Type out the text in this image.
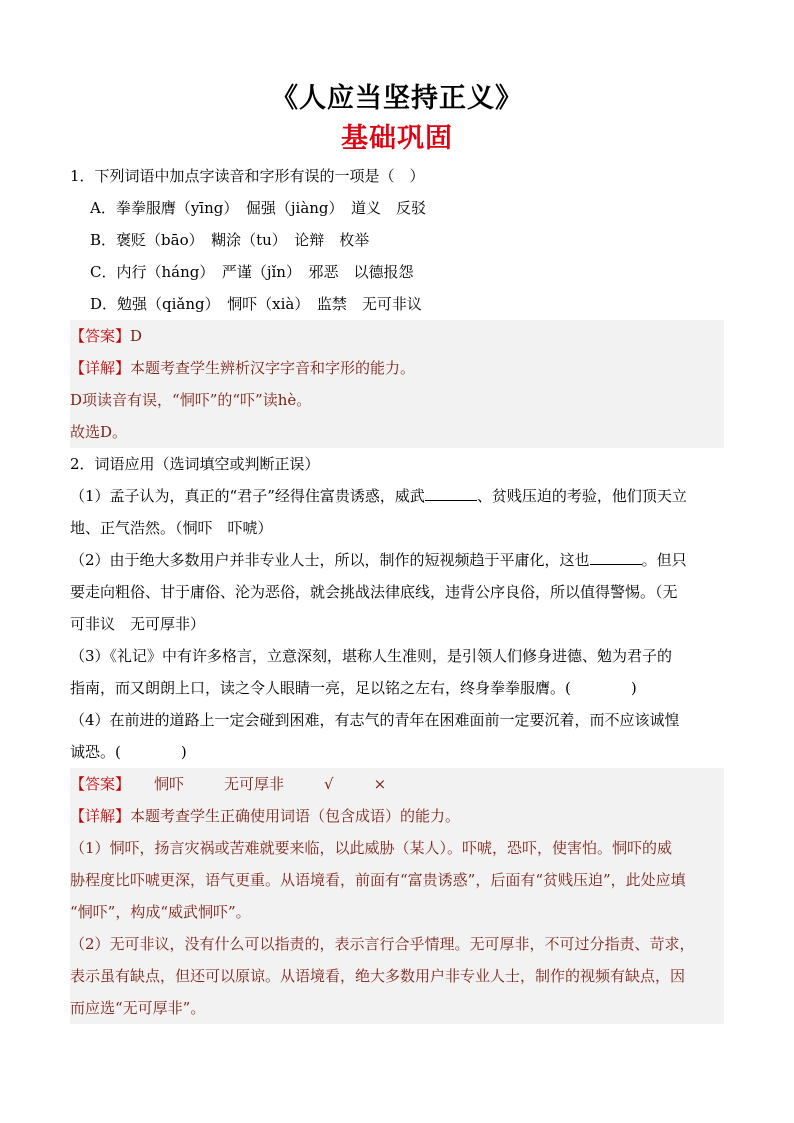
《人应当坚持正义》
基础巩固
1．下列词语中加点字读音和字形有误的一项是（　）
A．拳拳服膺（yīng）　倔强（jiàng）　道义　反驳
B．褒贬（bāo）　糊涂（tu）　论辩　枚举
C．内行（háng）　严谨（jǐn）　邪恶　以德报怨
D．勉强（qiǎng）　恫吓（xià）　监禁　无可非议
【答案】D
【详解】本题考查学生辨析汉字字音和字形的能力。
D项读音有误，“恫吓”的“吓”读hè。
故选D。
2．词语应用（选词填空或判断正误）
（1）孟子认为，真正的“君子”经得住富贵诱惑，威武	、贫贱压迫的考验，他们顶天立
地、正气浩然。（恫吓　吓唬）
（2）由于绝大多数用户并非专业人士，所以，制作的短视频趋于平庸化，这也	。但只
要走向粗俗、甘于庸俗、沦为恶俗，就会挑战法律底线，违背公序良俗，所以值得警惕。（无
可非议　无可厚非）
（3）《礼记》中有许多格言，立意深刻，堪称人生准则，是引领人们修身进德、勉为君子的
指南，而又朗朗上口，读之令人眼睛一亮，足以铭之左右，终身拳拳服膺。(　　　　)
（4）在前进的道路上一定会碰到困难，有志气的青年在困难面前一定要沉着，而不应该诚惶
诚恐。(　　　　)
【答案】 恫吓	无可厚非	√	×
【详解】本题考查学生正确使用词语（包含成语）的能力。
（1）恫吓，扬言灾祸或苦难就要来临，以此威胁（某人）。吓唬，恐吓，使害怕。恫吓的威
胁程度比吓唬更深，语气更重。从语境看，前面有“富贵诱惑”，后面有“贫贱压迫”，此处应填
“恫吓”，构成“威武恫吓”。
（2）无可非议，没有什么可以指责的，表示言行合乎情理。无可厚非，不可过分指责、苛求，
表示虽有缺点，但还可以原谅。从语境看，绝大多数用户非专业人士，制作的视频有缺点，因
而应选“无可厚非”。
